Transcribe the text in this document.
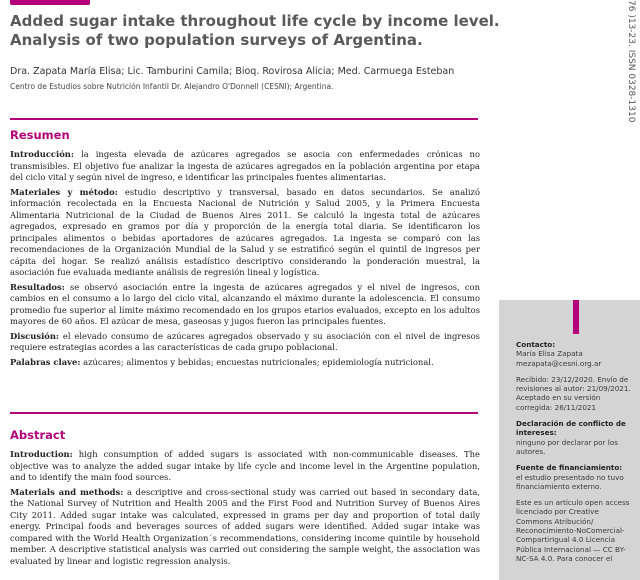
Added sugar intake throughout life cycle by income level.
Analysis of two population surveys of Argentina.
Dra. Zapata María Elisa; Lic. Tamburini Camila; Bioq. Rovirosa Alicia; Med. Carmuega Esteban
Centro de Estudios sobre Nutrición Infantil Dr. Alejandro O'Donnell (CESNI); Argentina.	76 )13-23. ISSN 0328-1310
Resumen

Introducción: la ingesta elevada de azúcares agregados se asocia con enfermedades crónicas no transmisibles. El objetivo fue analizar la ingesta de azúcares agregados en la población argentina por etapa del ciclo vital y según nivel de ingreso, e identificar las principales fuentes alimentarias.

Materiales y método: estudio descriptivo y transversal, basado en datos secundarios. Se analizó información recolectada en la Encuesta Nacional de Nutrición y Salud 2005, y la Primera Encuesta Alimentaria Nutricional de la Ciudad de Buenos Aires 2011. Se calculó la ingesta total de azúcares agregados, expresado en gramos por día y proporción de la energía total diaria. Se identificaron los principales alimentos o bebidas aportadores de azúcares agregados. La ingesta se comparó con las recomendaciones de la Organización Mundial de la Salud y se estratificó según el quintil de ingresos per cápita del hogar. Se realizó análisis estadístico descriptivo considerando la ponderación muestral, la asociación fue evaluada mediante análisis de regresión lineal y logística.

Resultados: se observó asociación entre la ingesta de azúcares agregados y el nivel de ingresos, con cambios en el consumo a lo largo del ciclo vital, alcanzando el máximo durante la adolescencia. El consumo promedio fue superior al límite máximo recomendado en los grupos etarios evaluados, excepto en los adultos mayores de 60 años. El azúcar de mesa, gaseosas y jugos fueron las principales fuentes.

Discusión: el elevado consumo de azúcares agregados observado y su asociación con el nivel de ingresos requiere estrategias acordes a las características de cada grupo poblacional.

Palabras clave: azúcares; alimentos y bebidas; encuestas nutricionales; epidemiología nutricional.

Abstract

Introduction: high consumption of added sugars is associated with non-communicable diseases. The objective was to analyze the added sugar intake by life cycle and income level in the Argentine population, and to identify the main food sources.

Materials and methods: a descriptive and cross-sectional study was carried out based in secondary data, the National Survey of Nutrition and Health 2005 and the First Food and Nutrition Survey of Buenos Aires City 2011. Added sugar intake was calculated, expressed in grams per day and proportion of total daily energy. Principal foods and beverages sources of added sugars were identified. Added sugar intake was compared with the World Health Organization´s recommendations, considering income quintile by household member. A descriptive statistical analysis was carried out considering the sample weight, the association was evaluated by linear and logistic regression analysis.

Contacto:
María Elisa Zapata
mezapata@cesni.org.ar
Recibido: 23/12/2020. Envío de revisiones al autor: 21/09/2021. Aceptado en su versión corregida: 26/11/2021
Declaración de conflicto de intereses:
ninguno por declarar por los autores.
Fuente de financiamiento:
el estudio presentado no tuvo financiamiento externo.
Este es un artículo open access licenciado por Creative Commons Atribución/ Reconocimiento-NoComercial-CompartirIgual 4.0 Licencia Pública Internacional — CC BY-NC-SA 4.0. Para conocer el
